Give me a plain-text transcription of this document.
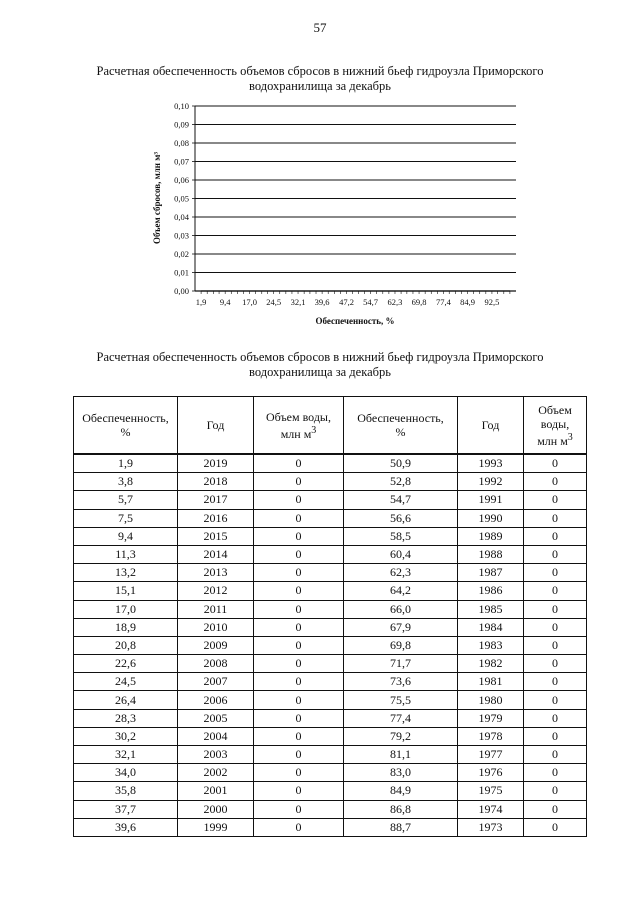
57
Расчетная обеспеченность объемов сбросов в нижний бьеф гидроузла Приморского
водохранилища за декабрь
0,00
0,01
0,02
0,03
0,04
0,05
0,06
0,07
0,08
0,09
0,10
1,9 9,4 17,0 24,5 32,1 39,6 47,2 54,7 62,3 69,8 77,4 84,9 92,5
Обеспеченность, %
Объем сбросов, млн м³
Расчетная обеспеченность объемов сбросов в нижний бьеф гидроузла Приморского
водохранилища за декабрь
Обеспеченность,
%	Год	Объем воды,
млн $м^3$	Обеспеченность,
%	Год	Объем воды,
млн $м^3$
1,9	2019	0	50,9	1993	0
3,8	2018	0	52,8	1992	0
5,7	2017	0	54,7	1991	0
7,5	2016	0	56,6	1990	0
9,4	2015	0	58,5	1989	0
11,3	2014	0	60,4	1988	0
13,2	2013	0	62,3	1987	0
15,1	2012	0	64,2	1986	0
17,0	2011	0	66,0	1985	0
18,9	2010	0	67,9	1984	0
20,8	2009	0	69,8	1983	0
22,6	2008	0	71,7	1982	0
24,5	2007	0	73,6	1981	0
26,4	2006	0	75,5	1980	0
28,3	2005	0	77,4	1979	0
30,2	2004	0	79,2	1978	0
32,1	2003	0	81,1	1977	0
34,0	2002	0	83,0	1976	0
35,8	2001	0	84,9	1975	0
37,7	2000	0	86,8	1974	0
39,6	1999	0	88,7	1973	0
